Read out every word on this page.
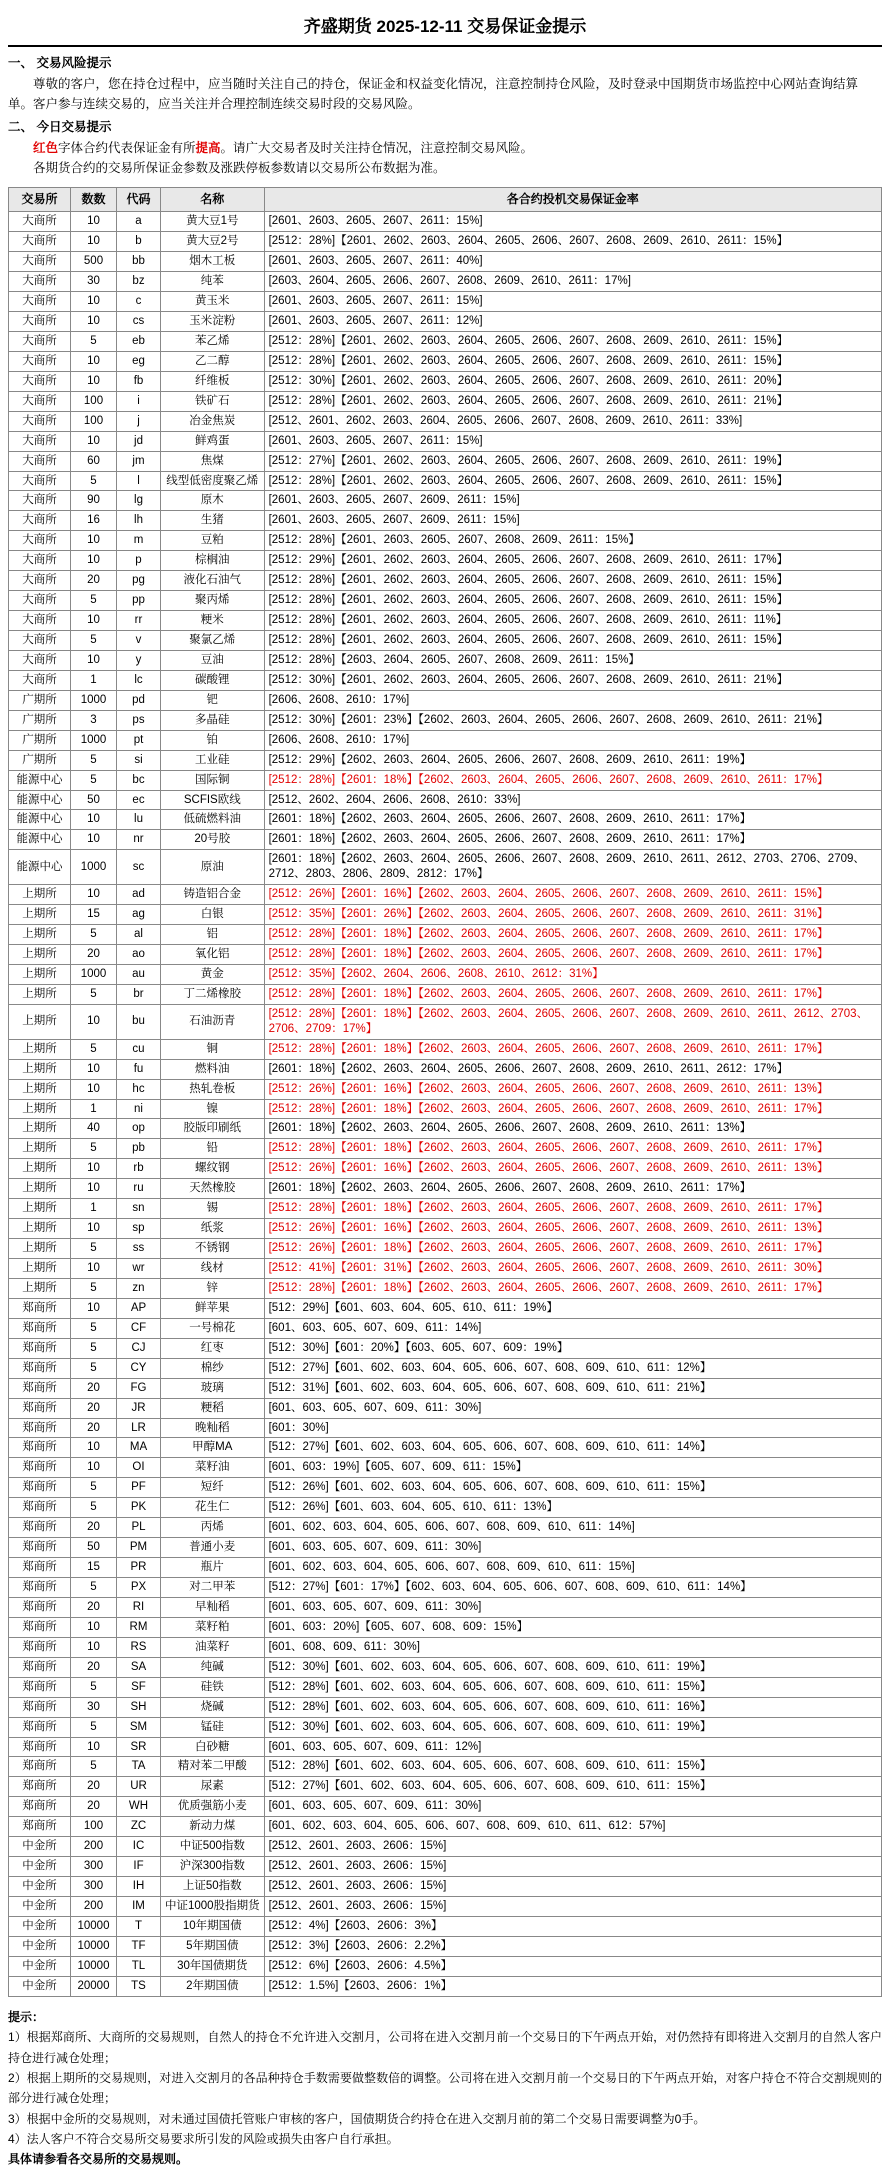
齐盛期货 2025-12-11 交易保证金提示
一、 交易风险提示
尊敬的客户，您在持仓过程中，应当随时关注自己的持仓，保证金和权益变化情况，注意控制持仓风险，及时登录中国期货市场监控中心网站查询结算单。客户参与连续交易的，应当关注并合理控制连续交易时段的交易风险。
二、 今日交易提示
红色字体合约代表保证金有所提高。请广大交易者及时关注持仓情况，注意控制交易风险。
各期货合约的交易所保证金参数及涨跌停板参数请以交易所公布数据为准。
交易所	数数	代码	名称	各合约投机交易保证金率
大商所	10	a	黄大豆1号	[2601、2603、2605、2607、2611：15%]
大商所	10	b	黄大豆2号	[2512：28%]【2601、2602、2603、2604、2605、2606、2607、2608、2609、2610、2611：15%】
大商所	500	bb	烟木工板	[2601、2603、2605、2607、2611：40%]
大商所	30	bz	纯苯	[2603、2604、2605、2606、2607、2608、2609、2610、2611：17%]
大商所	10	c	黄玉米	[2601、2603、2605、2607、2611：15%]
大商所	10	cs	玉米淀粉	[2601、2603、2605、2607、2611：12%]
大商所	5	eb	苯乙烯	[2512：28%]【2601、2602、2603、2604、2605、2606、2607、2608、2609、2610、2611：15%】
大商所	10	eg	乙二醇	[2512：28%]【2601、2602、2603、2604、2605、2606、2607、2608、2609、2610、2611：15%】
大商所	10	fb	纤维板	[2512：30%]【2601、2602、2603、2604、2605、2606、2607、2608、2609、2610、2611：20%】
大商所	100	i	铁矿石	[2512：28%]【2601、2602、2603、2604、2605、2606、2607、2608、2609、2610、2611：21%】
大商所	100	j	冶金焦炭	[2512、2601、2602、2603、2604、2605、2606、2607、2608、2609、2610、2611：33%]
大商所	10	jd	鲜鸡蛋	[2601、2603、2605、2607、2611：15%]
大商所	60	jm	焦煤	[2512：27%]【2601、2602、2603、2604、2605、2606、2607、2608、2609、2610、2611：19%】
大商所	5	l	线型低密度聚乙烯	[2512：28%]【2601、2602、2603、2604、2605、2606、2607、2608、2609、2610、2611：15%】
大商所	90	lg	原木	[2601、2603、2605、2607、2609、2611：15%]
大商所	16	lh	生猪	[2601、2603、2605、2607、2609、2611：15%]
大商所	10	m	豆粕	[2512：28%]【2601、2603、2605、2607、2608、2609、2611：15%】
大商所	10	p	棕榈油	[2512：29%]【2601、2602、2603、2604、2605、2606、2607、2608、2609、2610、2611：17%】
大商所	20	pg	液化石油气	[2512：28%]【2601、2602、2603、2604、2605、2606、2607、2608、2609、2610、2611：15%】
大商所	5	pp	聚丙烯	[2512：28%]【2601、2602、2603、2604、2605、2606、2607、2608、2609、2610、2611：15%】
大商所	10	rr	粳米	[2512：28%]【2601、2602、2603、2604、2605、2606、2607、2608、2609、2610、2611：11%】
大商所	5	v	聚氯乙烯	[2512：28%]【2601、2602、2603、2604、2605、2606、2607、2608、2609、2610、2611：15%】
大商所	10	y	豆油	[2512：28%]【2603、2604、2605、2607、2608、2609、2611：15%】
大商所	1	lc	碳酸锂	[2512：30%]【2601、2602、2603、2604、2605、2606、2607、2608、2609、2610、2611：21%】
广期所	1000	pd	钯	[2606、2608、2610：17%]
广期所	3	ps	多晶硅	[2512：30%]【2601：23%】【2602、2603、2604、2605、2606、2607、2608、2609、2610、2611：21%】
广期所	1000	pt	铂	[2606、2608、2610：17%]
广期所	5	si	工业硅	[2512：29%]【2602、2603、2604、2605、2606、2607、2608、2609、2610、2611：19%】
能源中心	5	bc	国际铜	[2512：28%]【2601：18%】【2602、2603、2604、2605、2606、2607、2608、2609、2610、2611：17%】
能源中心	50	ec	SCFIS欧线	[2512、2602、2604、2606、2608、2610：33%]
能源中心	10	lu	低硫燃料油	[2601：18%]【2602、2603、2604、2605、2606、2607、2608、2609、2610、2611：17%】
能源中心	10	nr	20号胶	[2601：18%]【2602、2603、2604、2605、2606、2607、2608、2609、2610、2611：17%】
能源中心	1000	sc	原油	[2601：18%]【2602、2603、2604、2605、2606、2607、2608、2609、2610、2611、2612、2703、2706、2709、2712、2803、2806、2809、2812：17%】
上期所	10	ad	铸造铝合金	[2512：26%]【2601：16%】【2602、2603、2604、2605、2606、2607、2608、2609、2610、2611：15%】
上期所	15	ag	白银	[2512：35%]【2601：26%】【2602、2603、2604、2605、2606、2607、2608、2609、2610、2611：31%】
上期所	5	al	铝	[2512：28%]【2601：18%】【2602、2603、2604、2605、2606、2607、2608、2609、2610、2611：17%】
上期所	20	ao	氧化铝	[2512：28%]【2601：18%】【2602、2603、2604、2605、2606、2607、2608、2609、2610、2611：17%】
上期所	1000	au	黄金	[2512：35%]【2602、2604、2606、2608、2610、2612：31%】
上期所	5	br	丁二烯橡胶	[2512：28%]【2601：18%】【2602、2603、2604、2605、2606、2607、2608、2609、2610、2611：17%】
上期所	10	bu	石油沥青	[2512：28%]【2601：18%】【2602、2603、2604、2605、2606、2607、2608、2609、2610、2611、2612、2703、2706、2709：17%】
上期所	5	cu	铜	[2512：28%]【2601：18%】【2602、2603、2604、2605、2606、2607、2608、2609、2610、2611：17%】
上期所	10	fu	燃料油	[2601：18%]【2602、2603、2604、2605、2606、2607、2608、2609、2610、2611、2612：17%】
上期所	10	hc	热轧卷板	[2512：26%]【2601：16%】【2602、2603、2604、2605、2606、2607、2608、2609、2610、2611：13%】
上期所	1	ni	镍	[2512：28%]【2601：18%】【2602、2603、2604、2605、2606、2607、2608、2609、2610、2611：17%】
上期所	40	op	胶版印刷纸	[2601：18%]【2602、2603、2604、2605、2606、2607、2608、2609、2610、2611：13%】
上期所	5	pb	铅	[2512：28%]【2601：18%】【2602、2603、2604、2605、2606、2607、2608、2609、2610、2611：17%】
上期所	10	rb	螺纹钢	[2512：26%]【2601：16%】【2602、2603、2604、2605、2606、2607、2608、2609、2610、2611：13%】
上期所	10	ru	天然橡胶	[2601：18%]【2602、2603、2604、2605、2606、2607、2608、2609、2610、2611：17%】
上期所	1	sn	锡	[2512：28%]【2601：18%】【2602、2603、2604、2605、2606、2607、2608、2609、2610、2611：17%】
上期所	10	sp	纸浆	[2512：26%]【2601：16%】【2602、2603、2604、2605、2606、2607、2608、2609、2610、2611：13%】
上期所	5	ss	不锈钢	[2512：26%]【2601：18%】【2602、2603、2604、2605、2606、2607、2608、2609、2610、2611：17%】
上期所	10	wr	线材	[2512：41%]【2601：31%】【2602、2603、2604、2605、2606、2607、2608、2609、2610、2611：30%】
上期所	5	zn	锌	[2512：28%]【2601：18%】【2602、2603、2604、2605、2606、2607、2608、2609、2610、2611：17%】
郑商所	10	AP	鲜苹果	[512：29%]【601、603、604、605、610、611：19%】
郑商所	5	CF	一号棉花	[601、603、605、607、609、611：14%]
郑商所	5	CJ	红枣	[512：30%]【601：20%】【603、605、607、609：19%】
郑商所	5	CY	棉纱	[512：27%]【601、602、603、604、605、606、607、608、609、610、611：12%】
郑商所	20	FG	玻璃	[512：31%]【601、602、603、604、605、606、607、608、609、610、611：21%】
郑商所	20	JR	粳稻	[601、603、605、607、609、611：30%]
郑商所	20	LR	晚籼稻	[601：30%]
郑商所	10	MA	甲醇MA	[512：27%]【601、602、603、604、605、606、607、608、609、610、611：14%】
郑商所	10	OI	菜籽油	[601、603：19%]【605、607、609、611：15%】
郑商所	5	PF	短纤	[512：26%]【601、602、603、604、605、606、607、608、609、610、611：15%】
郑商所	5	PK	花生仁	[512：26%]【601、603、604、605、610、611：13%】
郑商所	20	PL	丙烯	[601、602、603、604、605、606、607、608、609、610、611：14%]
郑商所	50	PM	普通小麦	[601、603、605、607、609、611：30%]
郑商所	15	PR	瓶片	[601、602、603、604、605、606、607、608、609、610、611：15%]
郑商所	5	PX	对二甲苯	[512：27%]【601：17%】【602、603、604、605、606、607、608、609、610、611：14%】
郑商所	20	RI	早籼稻	[601、603、605、607、609、611：30%]
郑商所	10	RM	菜籽粕	[601、603：20%]【605、607、608、609：15%】
郑商所	10	RS	油菜籽	[601、608、609、611：30%]
郑商所	20	SA	纯碱	[512：30%]【601、602、603、604、605、606、607、608、609、610、611：19%】
郑商所	5	SF	硅铁	[512：28%]【601、602、603、604、605、606、607、608、609、610、611：15%】
郑商所	30	SH	烧碱	[512：28%]【601、602、603、604、605、606、607、608、609、610、611：16%】
郑商所	5	SM	锰硅	[512：30%]【601、602、603、604、605、606、607、608、609、610、611：19%】
郑商所	10	SR	白砂糖	[601、603、605、607、609、611：12%]
郑商所	5	TA	精对苯二甲酸	[512：28%]【601、602、603、604、605、606、607、608、609、610、611：15%】
郑商所	20	UR	尿素	[512：27%]【601、602、603、604、605、606、607、608、609、610、611：15%】
郑商所	20	WH	优质强筋小麦	[601、603、605、607、609、611：30%]
郑商所	100	ZC	新动力煤	[601、602、603、604、605、606、607、608、609、610、611、612：57%]
中金所	200	IC	中证500指数	[2512、2601、2603、2606：15%]
中金所	300	IF	沪深300指数	[2512、2601、2603、2606：15%]
中金所	300	IH	上证50指数	[2512、2601、2603、2606：15%]
中金所	200	IM	中证1000股指期货	[2512、2601、2603、2606：15%]
中金所	10000	T	10年期国债	[2512：4%]【2603、2606：3%】
中金所	10000	TF	5年期国债	[2512：3%]【2603、2606：2.2%】
中金所	10000	TL	30年国债期货	[2512：6%]【2603、2606：4.5%】
中金所	20000	TS	2年期国债	[2512：1.5%]【2603、2606：1%】

提示：

1）根据郑商所、大商所的交易规则，自然人的持仓不允许进入交割月，公司将在进入交割月前一个交易日的下午两点开始，对仍然持有即将进入交割月的自然人客户持仓进行减仓处理；

2）根据上期所的交易规则，对进入交割月的各品种持仓手数需要做整数倍的调整。公司将在进入交割月前一个交易日的下午两点开始，对客户持仓不符合交割规则的部分进行减仓处理；

3）根据中金所的交易规则，对未通过国债托管账户审核的客户，国债期货合约持仓在进入交割月前的第二个交易日需要调整为0手。

4）法人客户不符合交易所交易要求所引发的风险或损失由客户自行承担。

具体请参看各交易所的交易规则。
